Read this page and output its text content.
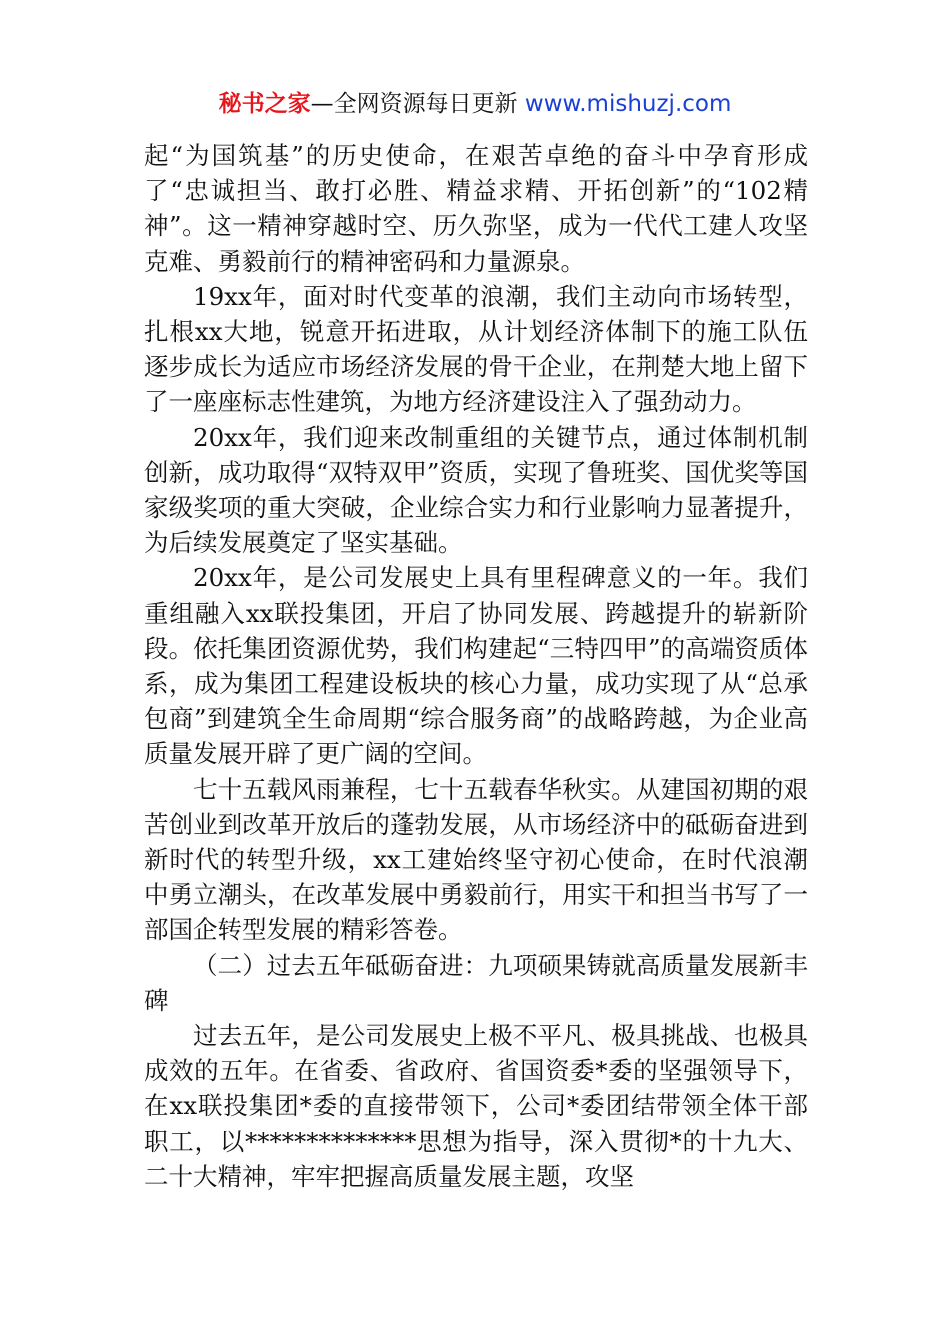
秘书之家—全网资源每日更新 www.mishuzj.com

起“为国筑基”的历史使命，在艰苦卓绝的奋斗中孕育形成了“忠诚担当、敢打必胜、精益求精、开拓创新”的“102精神”。这一精神穿越时空、历久弥坚，成为一代代工建人攻坚克难、勇毅前行的精神密码和力量源泉。

19xx年，面对时代变革的浪潮，我们主动向市场转型，扎根xx大地，锐意开拓进取，从计划经济体制下的施工队伍逐步成长为适应市场经济发展的骨干企业，在荆楚大地上留下了一座座标志性建筑，为地方经济建设注入了强劲动力。

20xx年，我们迎来改制重组的关键节点，通过体制机制创新，成功取得“双特双甲”资质，实现了鲁班奖、国优奖等国家级奖项的重大突破，企业综合实力和行业影响力显著提升，为后续发展奠定了坚实基础。

20xx年，是公司发展史上具有里程碑意义的一年。我们重组融入xx联投集团，开启了协同发展、跨越提升的崭新阶段。依托集团资源优势，我们构建起“三特四甲”的高端资质体系，成为集团工程建设板块的核心力量，成功实现了从“总承包商”到建筑全生命周期“综合服务商”的战略跨越，为企业高质量发展开辟了更广阔的空间。

七十五载风雨兼程，七十五载春华秋实。从建国初期的艰苦创业到改革开放后的蓬勃发展，从市场经济中的砥砺奋进到新时代的转型升级，xx工建始终坚守初心使命，在时代浪潮中勇立潮头，在改革发展中勇毅前行，用实干和担当书写了一部国企转型发展的精彩答卷。

（二）过去五年砥砺奋进：九项硕果铸就高质量发展新丰碑

过去五年，是公司发展史上极不平凡、极具挑战、也极具成效的五年。在省委、省政府、省国资委*委的坚强领导下，在xx联投集团*委的直接带领下，公司*委团结带领全体干部职工，以**************思想为指导，深入贯彻*的十九大、二十大精神，牢牢把握高质量发展主题，攻坚
